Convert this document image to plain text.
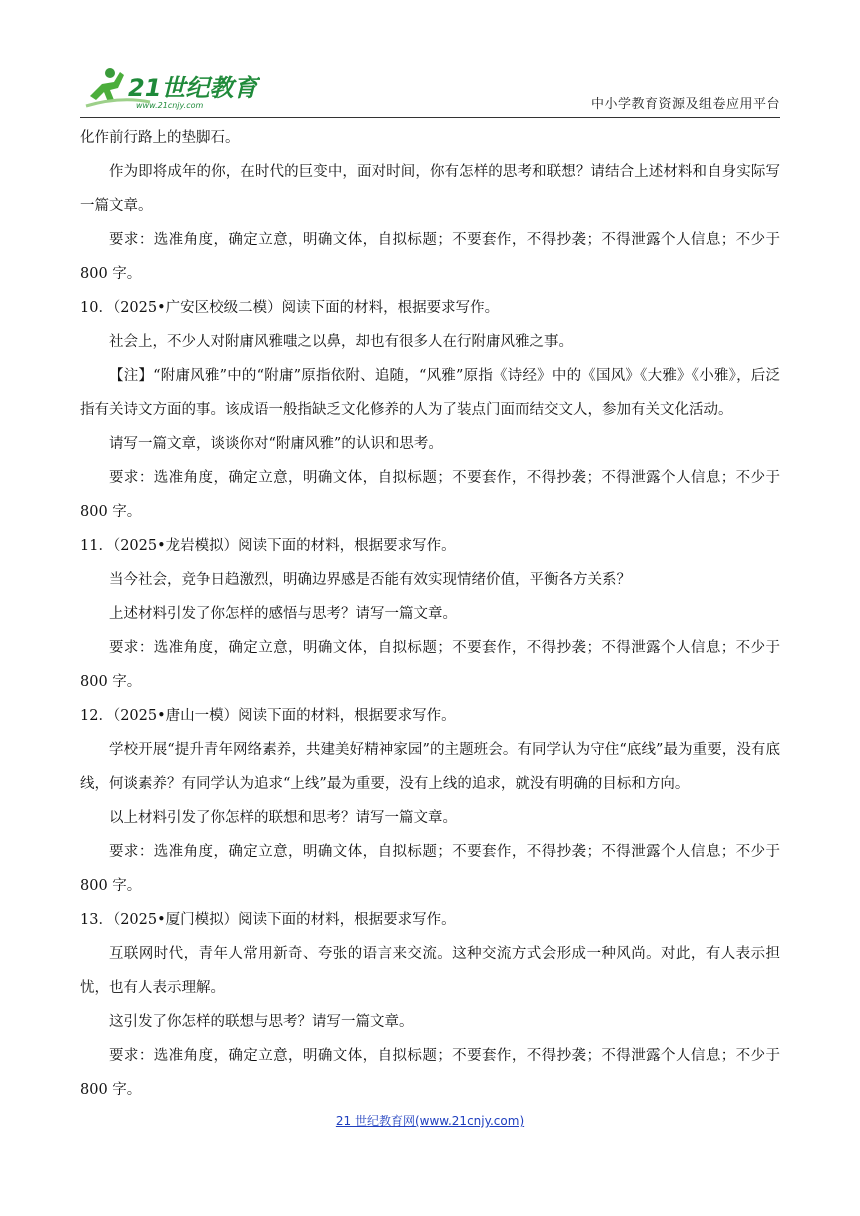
21世纪教育
www.21cnjy.com	中小学教育资源及组卷应用平台

化作前行路上的垫脚石。

作为即将成年的你，在时代的巨变中，面对时间，你有怎样的思考和联想？请结合上述材料和自身实际写一篇文章。

要求：选准角度，确定立意，明确文体，自拟标题；不要套作，不得抄袭；不得泄露个人信息；不少于 800 字。

10．（2025•广安区校级二模）阅读下面的材料，根据要求写作。

社会上，不少人对附庸风雅嗤之以鼻，却也有很多人在行附庸风雅之事。

【注】“附庸风雅”中的“附庸”原指依附、追随，“风雅”原指《诗经》中的《国风》《大雅》《小雅》，后泛指有关诗文方面的事。该成语一般指缺乏文化修养的人为了装点门面而结交文人，参加有关文化活动。

请写一篇文章，谈谈你对“附庸风雅”的认识和思考。

要求：选准角度，确定立意，明确文体，自拟标题；不要套作，不得抄袭；不得泄露个人信息；不少于 800 字。

11．（2025•龙岩模拟）阅读下面的材料，根据要求写作。

当今社会，竞争日趋激烈，明确边界感是否能有效实现情绪价值，平衡各方关系？

上述材料引发了你怎样的感悟与思考？请写一篇文章。

要求：选准角度，确定立意，明确文体，自拟标题；不要套作，不得抄袭；不得泄露个人信息；不少于 800 字。

12．（2025•唐山一模）阅读下面的材料，根据要求写作。

学校开展“提升青年网络素养，共建美好精神家园”的主题班会。有同学认为守住“底线”最为重要，没有底线，何谈素养？有同学认为追求“上线”最为重要，没有上线的追求，就没有明确的目标和方向。

以上材料引发了你怎样的联想和思考？请写一篇文章。

要求：选准角度，确定立意，明确文体，自拟标题；不要套作，不得抄袭；不得泄露个人信息；不少于 800 字。

13．（2025•厦门模拟）阅读下面的材料，根据要求写作。

互联网时代，青年人常用新奇、夸张的语言来交流。这种交流方式会形成一种风尚。对此，有人表示担忧，也有人表示理解。

这引发了你怎样的联想与思考？请写一篇文章。

要求：选准角度，确定立意，明确文体，自拟标题；不要套作，不得抄袭；不得泄露个人信息；不少于 800 字。

21 世纪教育网(www.21cnjy.com)
